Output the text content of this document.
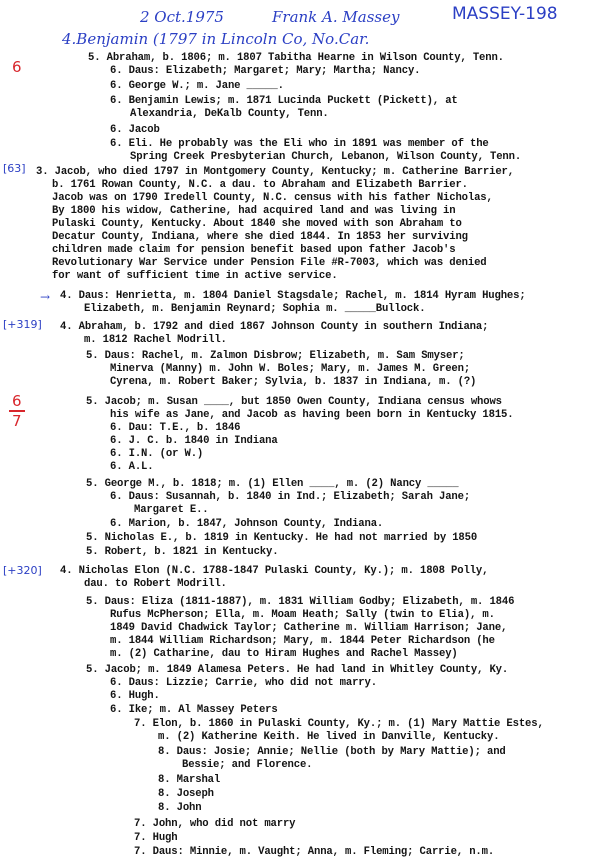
2 Oct.1975	Frank A. Massey	MASSEY-198
4.Benjamin (1797 in Lincoln Co, No.Car.
6
[63]
→
[+319]
6
7
[+320]
5. Abraham, b. 1806; m. 1807 Tabitha Hearne in Wilson County, Tenn.
6. Daus: Elizabeth; Margaret; Mary; Martha; Nancy.
6. George W.; m. Jane _____.
6. Benjamin Lewis; m. 1871 Lucinda Puckett (Pickett), at
Alexandria, DeKalb County, Tenn.
6. Jacob
6. Eli. He probably was the Eli who in 1891 was member of the
Spring Creek Presbyterian Church, Lebanon, Wilson County, Tenn.
3. Jacob, who died 1797 in Montgomery County, Kentucky; m. Catherine Barrier,
b. 1761 Rowan County, N.C. a dau. to Abraham and Elizabeth Barrier.
Jacob was on 1790 Iredell County, N.C. census with his father Nicholas,
By 1800 his widow, Catherine, had acquired land and was living in
Pulaski County, Kentucky. About 1840 she moved with son Abraham to
Decatur County, Indiana, where she died 1844. In 1853 her surviving
children made claim for pension benefit based upon father Jacob's
Revolutionary War Service under Pension File #R-7003, which was denied
for want of sufficient time in active service.
4. Daus: Henrietta, m. 1804 Daniel Stagsdale; Rachel, m. 1814 Hyram Hughes;
Elizabeth, m. Benjamin Reynard; Sophia m. _____Bullock.
4. Abraham, b. 1792 and died 1867 Johnson County in southern Indiana;
m. 1812 Rachel Modrill.
5. Daus: Rachel, m. Zalmon Disbrow; Elizabeth, m. Sam Smyser;
Minerva (Manny) m. John W. Boles; Mary, m. James M. Green;
Cyrena, m. Robert Baker; Sylvia, b. 1837 in Indiana, m. (?)
5. Jacob; m. Susan ____, but 1850 Owen County, Indiana census whows
his wife as Jane, and Jacob as having been born in Kentucky 1815.
6. Dau: T.E., b. 1846
6. J. C. b. 1840 in Indiana
6. I.N. (or W.)
6. A.L.
5. George M., b. 1818; m. (1) Ellen ____, m. (2) Nancy _____
6. Daus: Susannah, b. 1840 in Ind.; Elizabeth; Sarah Jane;
Margaret E..
6. Marion, b. 1847, Johnson County, Indiana.
5. Nicholas E., b. 1819 in Kentucky. He had not married by 1850
5. Robert, b. 1821 in Kentucky.
4. Nicholas Elon (N.C. 1788-1847 Pulaski County, Ky.); m. 1808 Polly,
dau. to Robert Modrill.
5. Daus: Eliza (1811-1887), m. 1831 William Godby; Elizabeth, m. 1846
Rufus McPherson; Ella, m. Moam Heath; Sally (twin to Elia), m.
1849 David Chadwick Taylor; Catherine m. William Harrison; Jane,
m. 1844 William Richardson; Mary, m. 1844 Peter Richardson (he
m. (2) Catharine, dau to Hiram Hughes and Rachel Massey)
5. Jacob; m. 1849 Alamesa Peters. He had land in Whitley County, Ky.
6. Daus: Lizzie; Carrie, who did not marry.
6. Hugh.
6. Ike; m. Al Massey Peters
7. Elon, b. 1860 in Pulaski County, Ky.; m. (1) Mary Mattie Estes,
m. (2) Katherine Keith. He lived in Danville, Kentucky.
8. Daus: Josie; Annie; Nellie (both by Mary Mattie); and
Bessie; and Florence.
8. Marshal
8. Joseph
8. John
7. John, who did not marry
7. Hugh
7. Daus: Minnie, m. Vaught; Anna, m. Fleming; Carrie, n.m.
